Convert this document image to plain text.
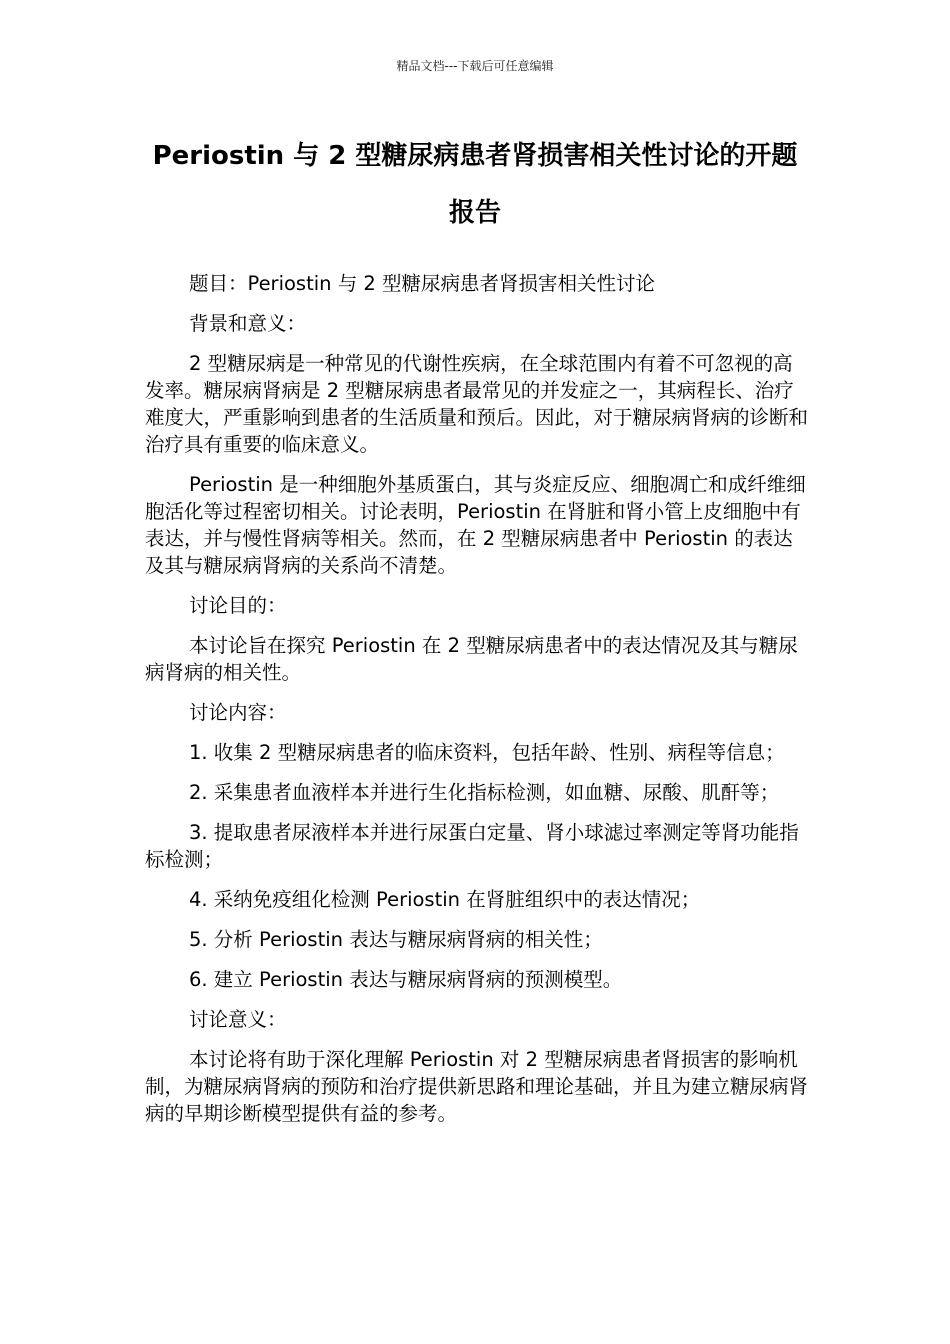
精品文档---下载后可任意编辑
Periostin 与 2 型糖尿病患者肾损害相关性讨论的开题报告

题目：Periostin 与 2 型糖尿病患者肾损害相关性讨论

背景和意义：

2 型糖尿病是一种常见的代谢性疾病，在全球范围内有着不可忽视的高发率。糖尿病肾病是 2 型糖尿病患者最常见的并发症之一，其病程长、治疗难度大，严重影响到患者的生活质量和预后。因此，对于糖尿病肾病的诊断和治疗具有重要的临床意义。

Periostin 是一种细胞外基质蛋白，其与炎症反应、细胞凋亡和成纤维细胞活化等过程密切相关。讨论表明，Periostin 在肾脏和肾小管上皮细胞中有表达，并与慢性肾病等相关。然而，在 2 型糖尿病患者中 Periostin 的表达及其与糖尿病肾病的关系尚不清楚。

讨论目的：

本讨论旨在探究 Periostin 在 2 型糖尿病患者中的表达情况及其与糖尿病肾病的相关性。

讨论内容：

1. 收集 2 型糖尿病患者的临床资料，包括年龄、性别、病程等信息；

2. 采集患者血液样本并进行生化指标检测，如血糖、尿酸、肌酐等；

3. 提取患者尿液样本并进行尿蛋白定量、肾小球滤过率测定等肾功能指标检测；

4. 采纳免疫组化检测 Periostin 在肾脏组织中的表达情况；

5. 分析 Periostin 表达与糖尿病肾病的相关性；

6. 建立 Periostin 表达与糖尿病肾病的预测模型。

讨论意义：

本讨论将有助于深化理解 Periostin 对 2 型糖尿病患者肾损害的影响机制，为糖尿病肾病的预防和治疗提供新思路和理论基础，并且为建立糖尿病肾病的早期诊断模型提供有益的参考。
